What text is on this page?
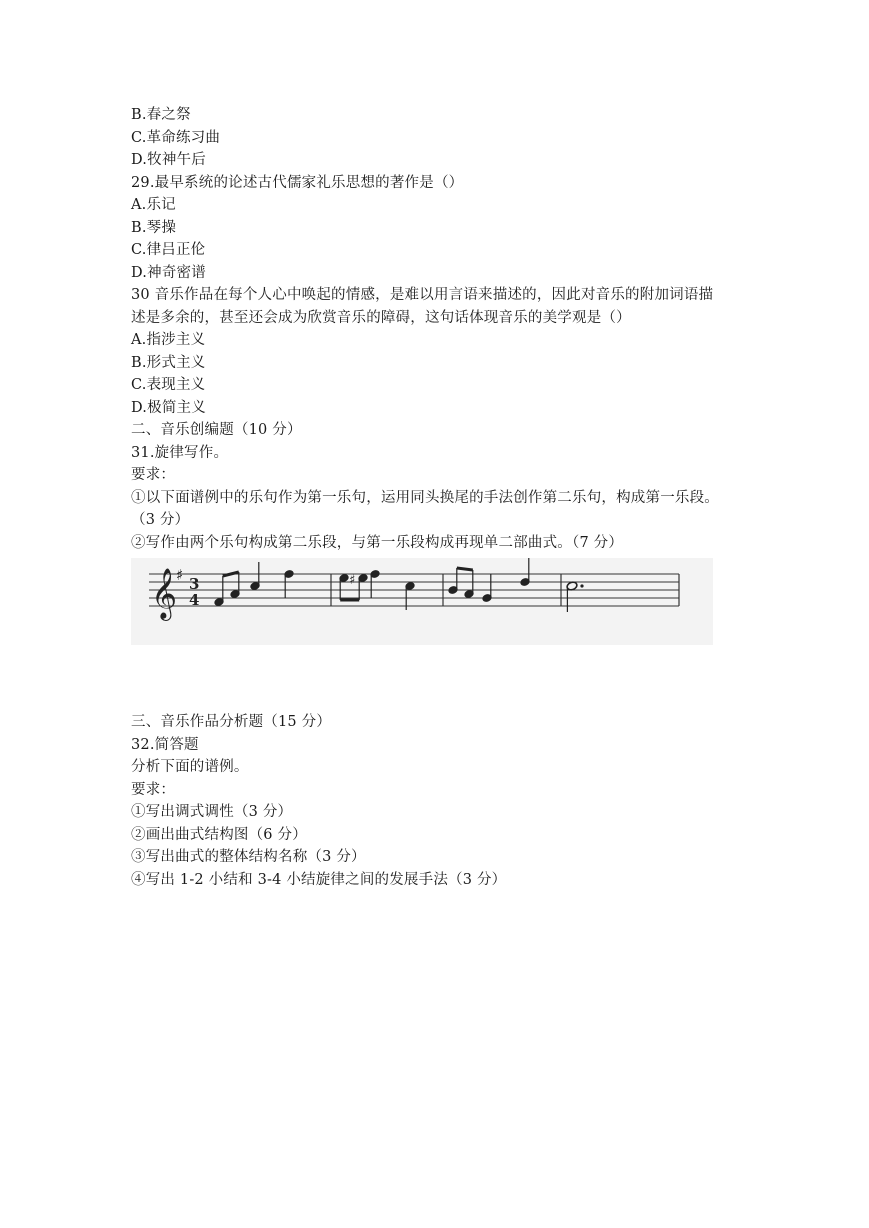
B.春之祭
C.革命练习曲
D.牧神午后
29.最早系统的论述古代儒家礼乐思想的著作是（）
A.乐记
B.琴操
C.律吕正伦
D.神奇密谱
30 音乐作品在每个人心中唤起的情感，是难以用言语来描述的，因此对音乐的附加词语描
述是多余的，甚至还会成为欣赏音乐的障碍，这句话体现音乐的美学观是（）
A.指涉主义
B.形式主义
C.表现主义
D.极简主义
二、音乐创编题（10 分）
31.旋律写作。
要求：
①以下面谱例中的乐句作为第一乐句，运用同头换尾的手法创作第二乐句，构成第一乐段。
（3 分）
②写作由两个乐句构成第二乐段，与第一乐段构成再现单二部曲式。（7 分）
𝄞
♯ 3
4
♯
三、音乐作品分析题（15 分）
32.简答题
分析下面的谱例。
要求：
①写出调式调性（3 分）
②画出曲式结构图（6 分）
③写出曲式的整体结构名称（3 分）
④写出 1-2 小结和 3-4 小结旋律之间的发展手法（3 分）
